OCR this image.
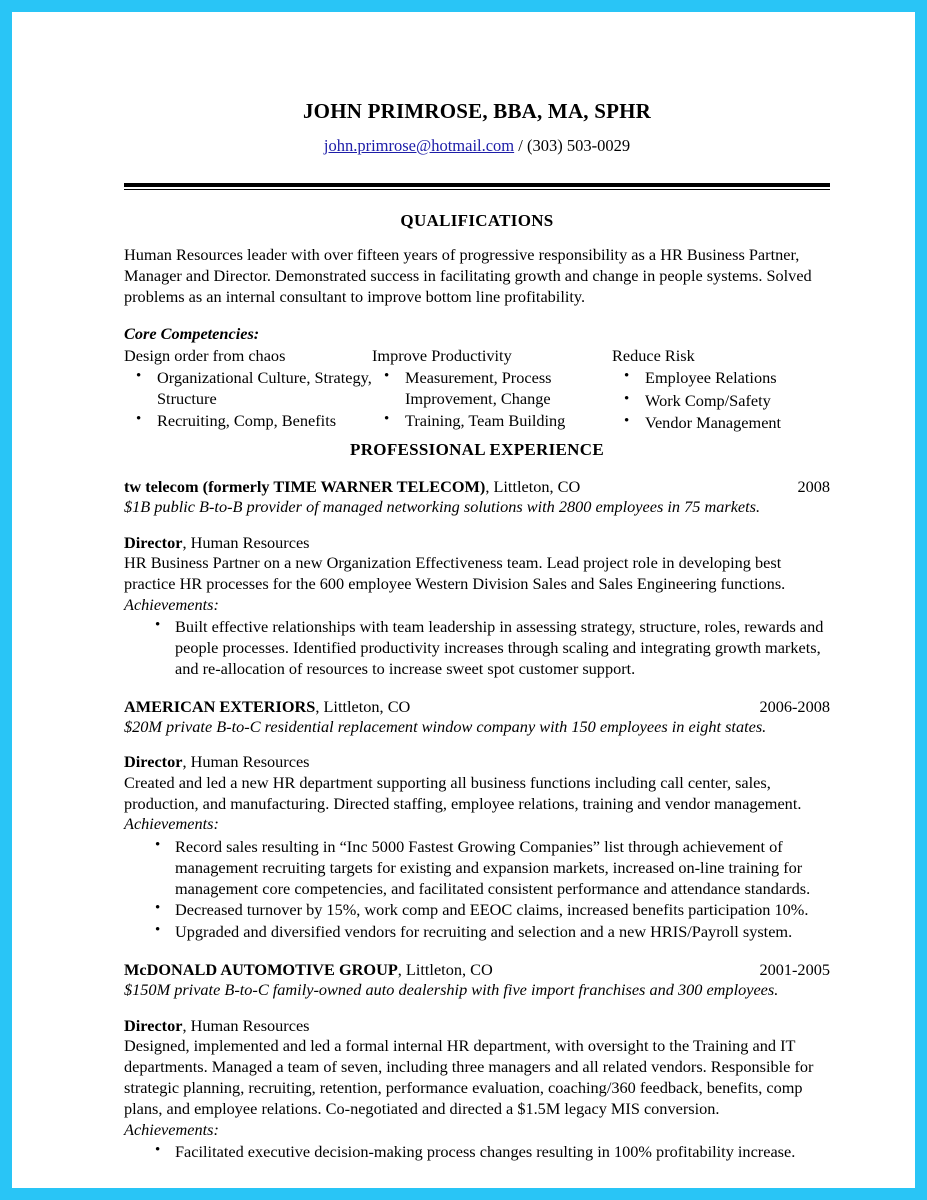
JOHN PRIMROSE, BBA, MA, SPHR
john.primrose@hotmail.com / (303) 503-0029
QUALIFICATIONS
Human Resources leader with over fifteen years of progressive responsibility as a HR Business Partner, Manager and Director. Demonstrated success in facilitating growth and change in people systems. Solved problems as an internal consultant to improve bottom line profitability.
Core Competencies:
Design order from chaos
• Organizational Culture, Strategy, Structure
• Recruiting, Comp, Benefits
Improve Productivity
• Measurement, Process Improvement, Change
• Training, Team Building
Reduce Risk
• Employee Relations
• Work Comp/Safety
• Vendor Management
PROFESSIONAL EXPERIENCE
tw telecom (formerly TIME WARNER TELECOM), Littleton, CO	2008
$1B public B-to-B provider of managed networking solutions with 2800 employees in 75 markets.
Director, Human Resources
HR Business Partner on a new Organization Effectiveness team. Lead project role in developing best practice HR processes for the 600 employee Western Division Sales and Sales Engineering functions.
Achievements:
• Built effective relationships with team leadership in assessing strategy, structure, roles, rewards and people processes. Identified productivity increases through scaling and integrating growth markets, and re-allocation of resources to increase sweet spot customer support.
AMERICAN EXTERIORS, Littleton, CO	2006-2008
$20M private B-to-C residential replacement window company with 150 employees in eight states.
Director, Human Resources
Created and led a new HR department supporting all business functions including call center, sales, production, and manufacturing. Directed staffing, employee relations, training and vendor management.
Achievements:
• Record sales resulting in “Inc 5000 Fastest Growing Companies” list through achievement of management recruiting targets for existing and expansion markets, increased on-line training for management core competencies, and facilitated consistent performance and attendance standards.
• Decreased turnover by 15%, work comp and EEOC claims, increased benefits participation 10%.
• Upgraded and diversified vendors for recruiting and selection and a new HRIS/Payroll system.
McDONALD AUTOMOTIVE GROUP, Littleton, CO	2001-2005
$150M private B-to-C family-owned auto dealership with five import franchises and 300 employees.
Director, Human Resources
Designed, implemented and led a formal internal HR department, with oversight to the Training and IT departments. Managed a team of seven, including three managers and all related vendors. Responsible for strategic planning, recruiting, retention, performance evaluation, coaching/360 feedback, benefits, comp plans, and employee relations. Co-negotiated and directed a $1.5M legacy MIS conversion.
Achievements:
• Facilitated executive decision-making process changes resulting in 100% profitability increase.
